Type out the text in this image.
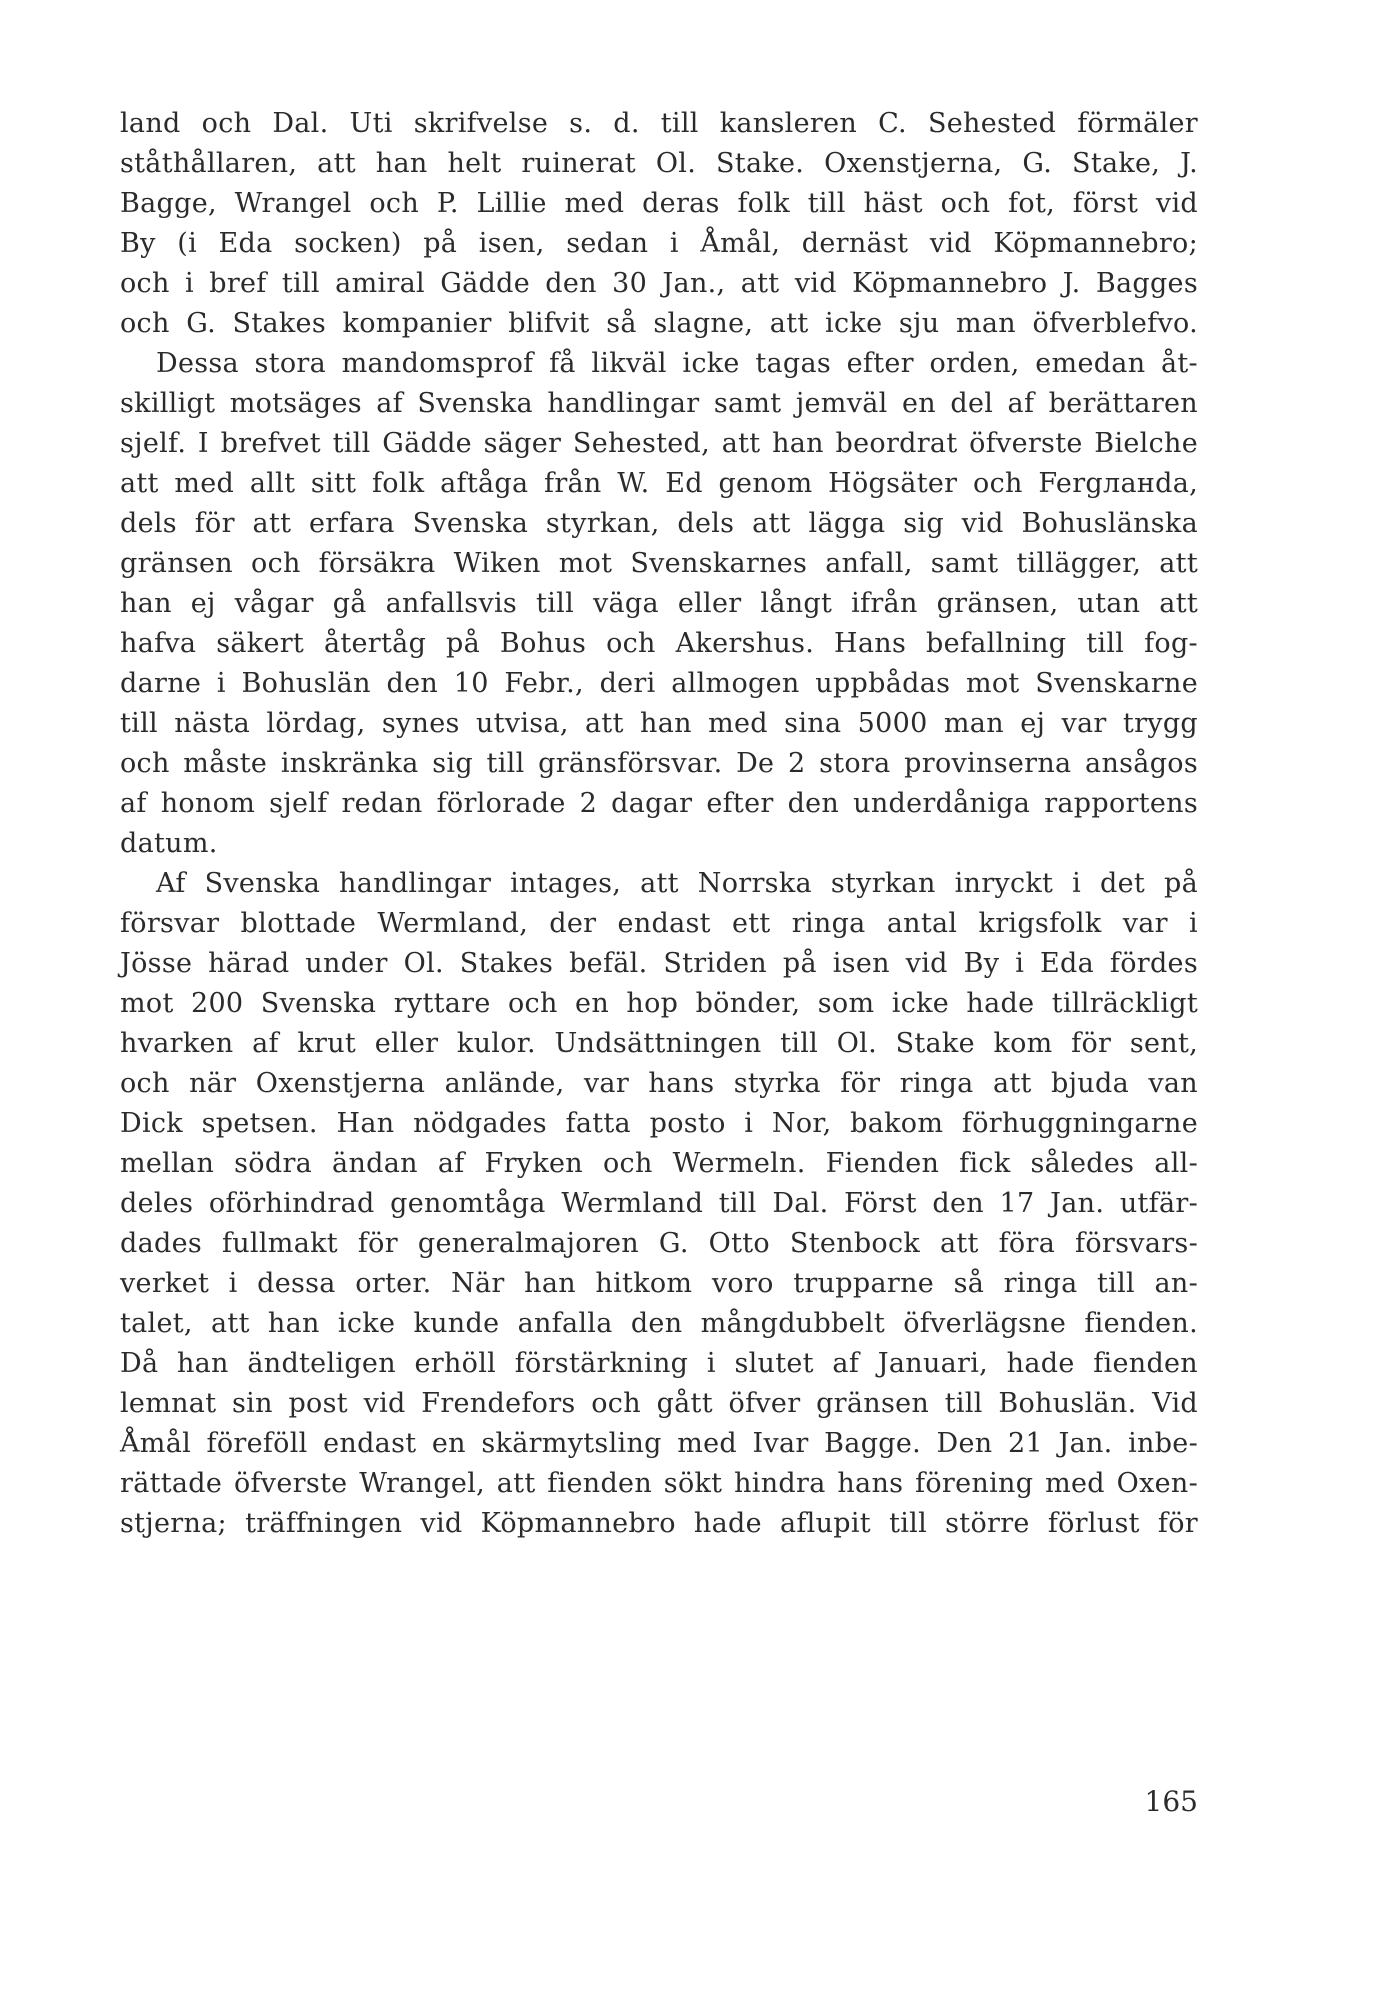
land och Dal. Uti skrifvelse s. d. till kansleren C. Sehested förmäler
ståthållaren, att han helt ruinerat Ol. Stake. Oxenstjerna, G. Stake, J.
Bagge, Wrangel och P. Lillie med deras folk till häst och fot, först vid
By (i Eda socken) på isen, sedan i Åmål, dernäst vid Köpmannebro;
och i bref till amiral Gädde den 30 Jan., att vid Köpmannebro J. Bagges
och G. Stakes kompanier blifvit så slagne, att icke sju man öfverblefvo.
Dessa stora mandomsprof få likväl icke tagas efter orden, emedan åt-
skilligt motsäges af Svenska handlingar samt jemväl en del af berättaren
sjelf. I brefvet till Gädde säger Sehested, att han beordrat öfverste Bielche
att med allt sitt folk aftåga från W. Ed genom Högsäter och Fergланda,
dels för att erfara Svenska styrkan, dels att lägga sig vid Bohuslänska
gränsen och försäkra Wiken mot Svenskarnes anfall, samt tillägger, att
han ej vågar gå anfallsvis till väga eller långt ifrån gränsen, utan att
hafva säkert återtåg på Bohus och Akershus. Hans befallning till fog-
darne i Bohuslän den 10 Febr., deri allmogen uppbådas mot Svenskarne
till nästa lördag, synes utvisa, att han med sina 5000 man ej var trygg
och måste inskränka sig till gränsförsvar. De 2 stora provinserna ansågos
af honom sjelf redan förlorade 2 dagar efter den underdåniga rapportens
datum.
Af Svenska handlingar intages, att Norrska styrkan inryckt i det på
försvar blottade Wermland, der endast ett ringa antal krigsfolk var i
Jösse härad under Ol. Stakes befäl. Striden på isen vid By i Eda fördes
mot 200 Svenska ryttare och en hop bönder, som icke hade tillräckligt
hvarken af krut eller kulor. Undsättningen till Ol. Stake kom för sent,
och när Oxenstjerna anlände, var hans styrka för ringa att bjuda van
Dick spetsen. Han nödgades fatta posto i Nor, bakom förhuggningarne
mellan södra ändan af Fryken och Wermeln. Fienden fick således all-
deles oförhindrad genomtåga Wermland till Dal. Först den 17 Jan. utfär-
dades fullmakt för generalmajoren G. Otto Stenbock att föra försvars-
verket i dessa orter. När han hitkom voro trupparne så ringa till an-
talet, att han icke kunde anfalla den mångdubbelt öfverlägsne fienden.
Då han ändteligen erhöll förstärkning i slutet af Januari, hade fienden
lemnat sin post vid Frendefors och gått öfver gränsen till Bohuslän. Vid
Åmål föreföll endast en skärmytsling med Ivar Bagge. Den 21 Jan. inbe-
rättade öfverste Wrangel, att fienden sökt hindra hans förening med Oxen-
stjerna; träffningen vid Köpmannebro hade aflupit till större förlust för
165
